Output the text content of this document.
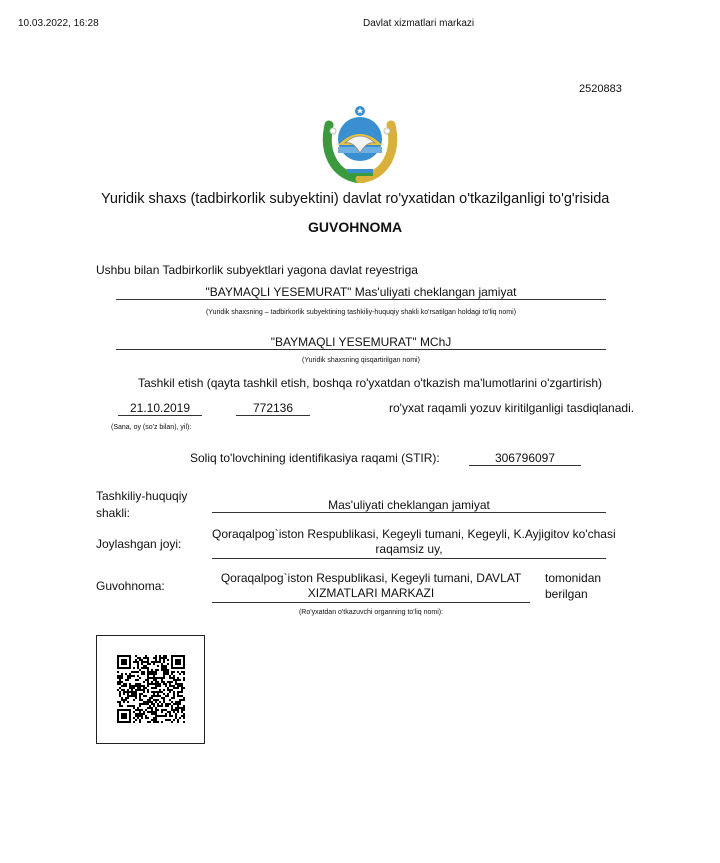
10.03.2022, 16:28	Davlat xizmatlari markazi
2520883
Yuridik shaxs (tadbirkorlik subyektini) davlat ro'yxatidan o'tkazilganligi to'g'risida
GUVOHNOMA
Ushbu bilan Tadbirkorlik subyektlari yagona davlat reyestriga
"BAYMAQLI YESEMURAT" Mas'uliyati cheklangan jamiyat
(Yuridik shaxsning – tadbirkorlik subyektining tashkiliy-huquqiy shakli ko'rsatilgan holdagi to'liq nomi)
"BAYMAQLI YESEMURAT" MChJ
(Yuridik shaxsning qisqartirilgan nomi)
Tashkil etish (qayta tashkil etish, boshqa ro'yxatdan o'tkazish ma'lumotlarini o'zgartirish)
21.10.2019	772136	ro'yxat raqamli yozuv kiritilganligi tasdiqlanadi.
(Sana, oy (so'z bilan), yil):
Soliq to'lovchining identifikasiya raqami (STIR):	306796097
Tashkiliy-huquqiy
shakli:
Mas'uliyati cheklangan jamiyat
Joylashgan joyi:
Qoraqalpog`iston Respublikasi, Kegeyli tumani, Kegeyli, K.Ayjigitov ko'chasi
raqamsiz uy,
Guvohnoma:
Qoraqalpog`iston Respublikasi, Kegeyli tumani, DAVLAT
XIZMATLARI MARKAZI
tomonidan
berilgan
(Ro'yxatdan o'tkazuvchi organning to'liq nomi):
